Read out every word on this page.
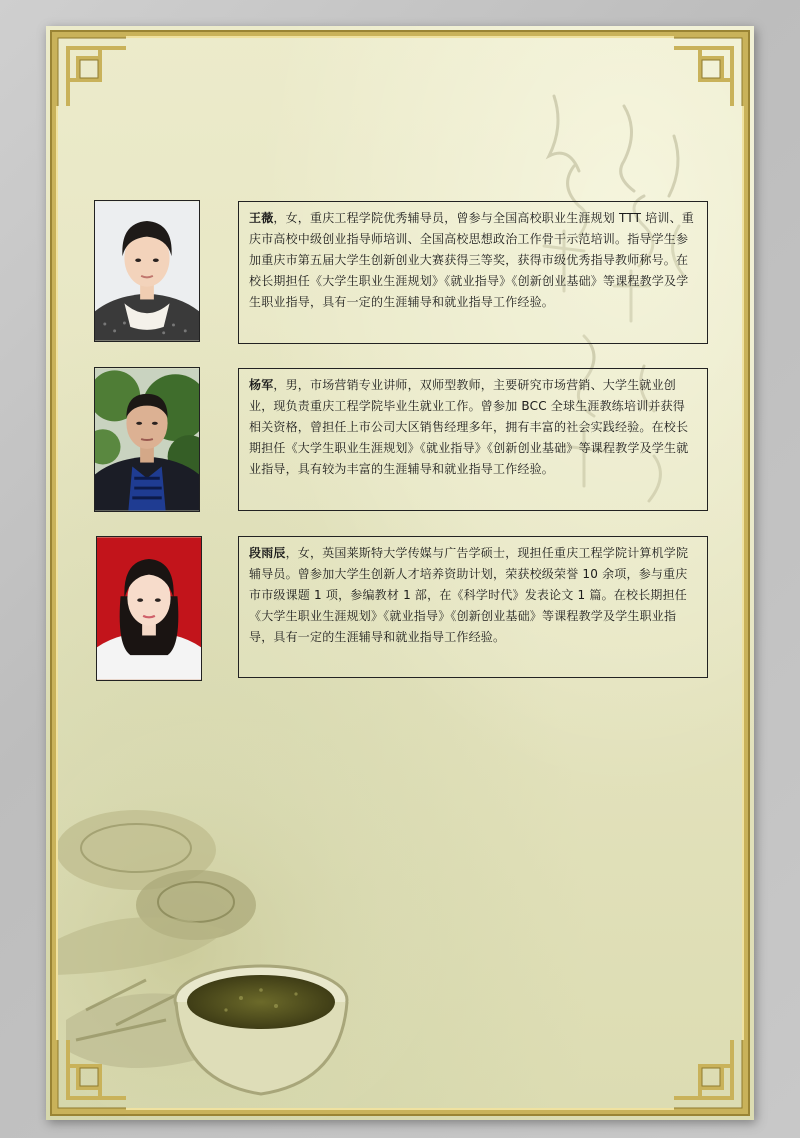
王薇，女，重庆工程学院优秀辅导员，曾参与全国高校职业生涯规划 TTT 培训、重庆市高校中级创业指导师培训、全国高校思想政治工作骨干示范培训。指导学生参加重庆市第五届大学生创新创业大赛获得三等奖，获得市级优秀指导教师称号。在校长期担任《大学生职业生涯规划》《就业指导》《创新创业基础》等课程教学及学生职业指导，具有一定的生涯辅导和就业指导工作经验。
杨军，男，市场营销专业讲师，双师型教师，主要研究市场营销、大学生就业创业，现负责重庆工程学院毕业生就业工作。曾参加 BCC 全球生涯教练培训并获得相关资格，曾担任上市公司大区销售经理多年，拥有丰富的社会实践经验。在校长期担任《大学生职业生涯规划》《就业指导》《创新创业基础》等课程教学及学生就业指导，具有较为丰富的生涯辅导和就业指导工作经验。
段雨辰，女，英国莱斯特大学传媒与广告学硕士，现担任重庆工程学院计算机学院辅导员。曾参加大学生创新人才培养资助计划，荣获校级荣誉 10 余项，参与重庆市市级课题 1 项，参编教材 1 部，在《科学时代》发表论文 1 篇。在校长期担任《大学生职业生涯规划》《就业指导》《创新创业基础》等课程教学及学生职业指导，具有一定的生涯辅导和就业指导工作经验。
